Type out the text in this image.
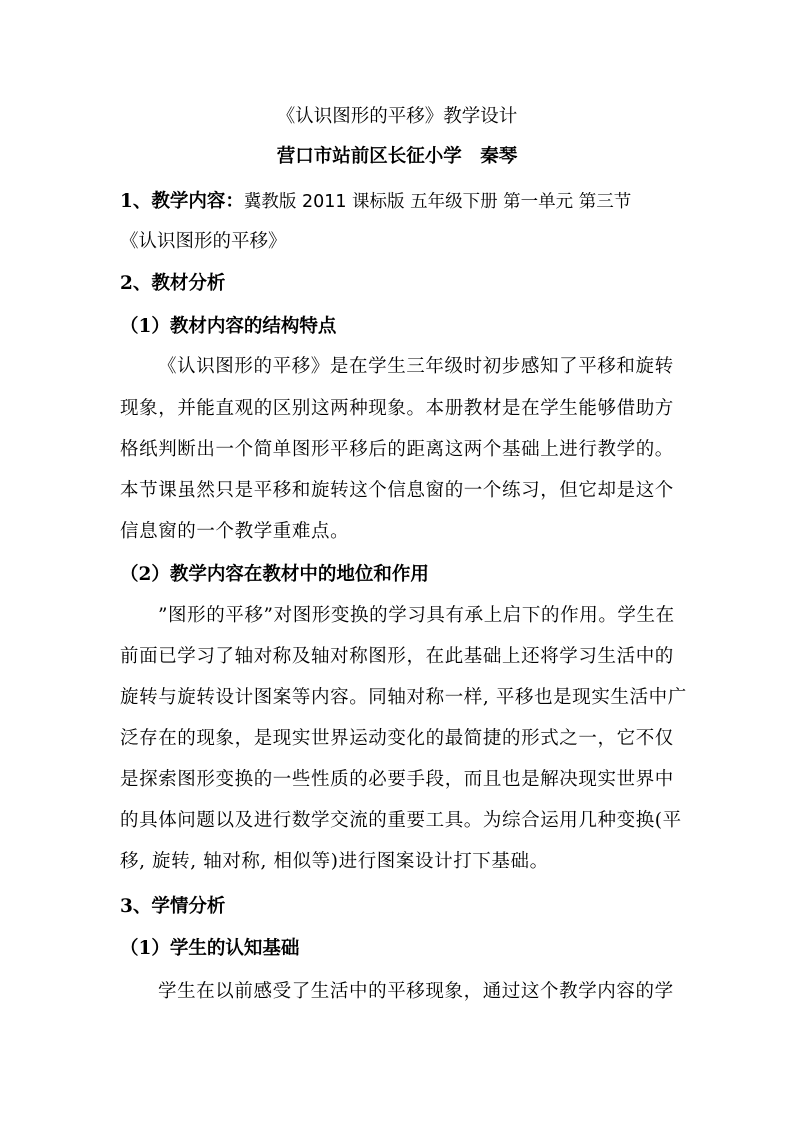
《认识图形的平移》教学设计
营口市站前区长征小学　秦琴
1、教学内容：冀教版 2011 课标版 五年级下册 第一单元 第三节
《认识图形的平移》
2、教材分析
（1）教材内容的结构特点
《认识图形的平移》是在学生三年级时初步感知了平移和旋转
现象，并能直观的区别这两种现象。本册教材是在学生能够借助方
格纸判断出一个简单图形平移后的距离这两个基础上进行教学的。
本节课虽然只是平移和旋转这个信息窗的一个练习，但它却是这个
信息窗的一个教学重难点。
（2）教学内容在教材中的地位和作用
”图形的平移”对图形变换的学习具有承上启下的作用。学生在
前面已学习了轴对称及轴对称图形，在此基础上还将学习生活中的
旋转与旋转设计图案等内容。同轴对称一样, 平移也是现实生活中广
泛存在的现象，是现实世界运动变化的最简捷的形式之一，它不仅
是探索图形变换的一些性质的必要手段，而且也是解决现实世界中
的具体问题以及进行数学交流的重要工具。为综合运用几种变换(平
移, 旋转, 轴对称, 相似等)进行图案设计打下基础。
3、学情分析
（1）学生的认知基础
学生在以前感受了生活中的平移现象，通过这个教学内容的学
